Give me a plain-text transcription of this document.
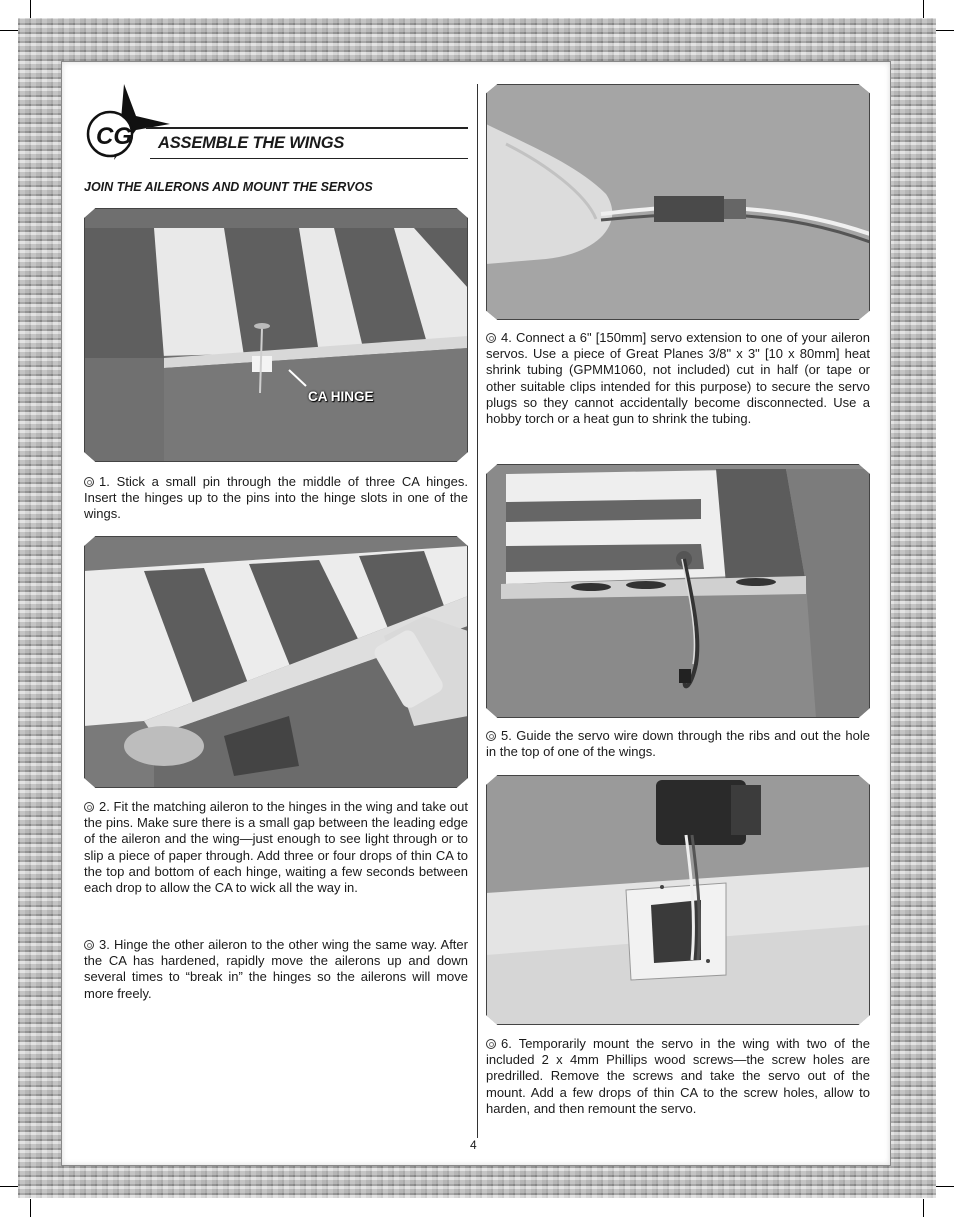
CG ASSEMBLE THE WINGS
JOIN THE AILERONS AND MOUNT THE SERVOS
CA HINGE
1. Stick a small pin through the middle of three CA hinges. Insert the hinges up to the pins into the hinge slots in one of the wings.
2. Fit the matching aileron to the hinges in the wing and take out the pins. Make sure there is a small gap between the leading edge of the aileron and the wing—just enough to see light through or to slip a piece of paper through. Add three or four drops of thin CA to the top and bottom of each hinge, waiting a few seconds between each drop to allow the CA to wick all the way in.
3. Hinge the other aileron to the other wing the same way. After the CA has hardened, rapidly move the ailerons up and down several times to “break in” the hinges so the ailerons will move more freely.
4. Connect a 6" [150mm] servo extension to one of your aileron servos. Use a piece of Great Planes 3/8" x 3" [10 x 80mm] heat shrink tubing (GPMM1060, not included) cut in half (or tape or other suitable clips intended for this purpose) to secure the servo plugs so they cannot accidentally become disconnected. Use a hobby torch or a heat gun to shrink the tubing.
5. Guide the servo wire down through the ribs and out the hole in the top of one of the wings.
6. Temporarily mount the servo in the wing with two of the included 2 x 4mm Phillips wood screws—the screw holes are predrilled. Remove the screws and take the servo out of the mount. Add a few drops of thin CA to the screw holes, allow to harden, and then remount the servo.
4
